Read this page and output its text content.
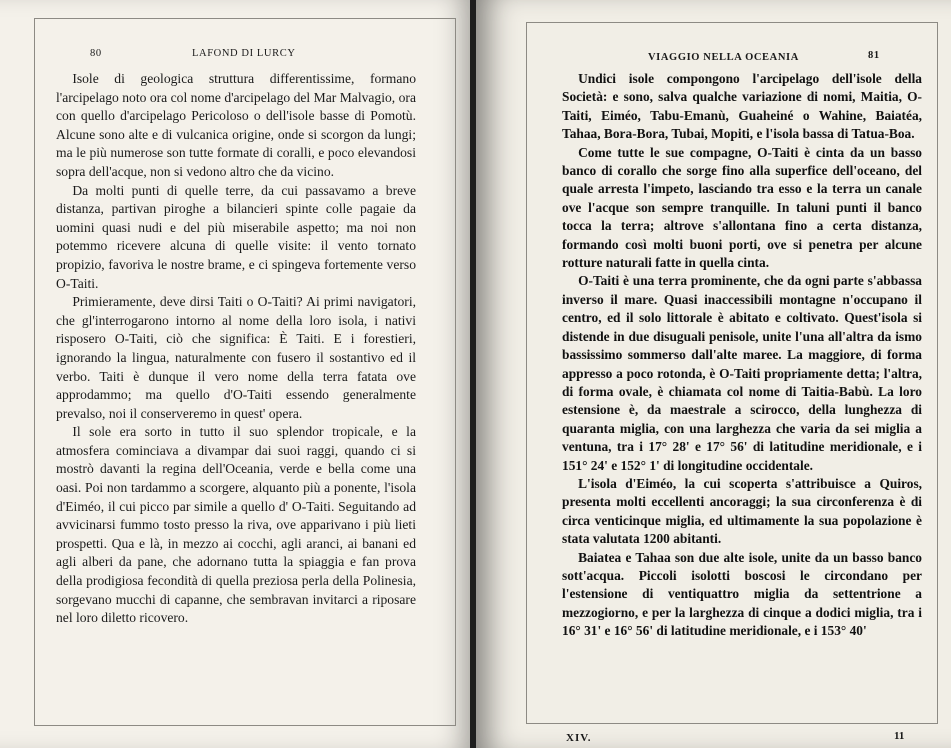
80	LAFOND DI LURCY

Isole di geologica struttura differentissime, formano l'arcipelago noto ora col nome d'arcipelago del Mar Malvagio, ora con quello d'arcipelago Pericoloso o dell'isole basse di Pomotù. Alcune sono alte e di vulcanica origine, onde si scorgon da lungi; ma le più numerose son tutte formate di coralli, e poco elevandosi sopra dell'acque, non si vedono altro che da vicino.

Da molti punti di quelle terre, da cui passavamo a breve distanza, partivan piroghe a bilancieri spinte colle pagaie da uomini quasi nudi e del più miserabile aspetto; ma noi non potemmo ricevere alcuna di quelle visite: il vento tornato propizio, favoriva le nostre brame, e ci spingeva fortemente verso O-Taiti.

Primieramente, deve dirsi Taiti o O-Taiti? Ai primi navigatori, che gl'interrogarono intorno al nome della loro isola, i nativi risposero O-Taiti, ciò che significa: È Taiti. E i forestieri, ignorando la lingua, naturalmente con fusero il sostantivo ed il verbo. Taiti è dunque il vero nome della terra fatata ove approdammo; ma quello d'O-Taiti essendo generalmente prevalso, noi il conserveremo in quest' opera.

Il sole era sorto in tutto il suo splendor tropicale, e la atmosfera cominciava a divampar dai suoi raggi, quando ci si mostrò davanti la regina dell'Oceania, verde e bella come una oasi. Poi non tardammo a scorgere, alquanto più a ponente, l'isola d'Eiméo, il cui picco par simile a quello d' O-Taiti. Seguitando ad avvicinarsi fummo tosto presso la riva, ove apparivano i più lieti prospetti. Qua e là, in mezzo ai cocchi, agli aranci, ai banani ed agli alberi da pane, che adornano tutta la spiaggia e fan prova della prodigiosa fecondità di quella preziosa perla della Polinesia, sorgevano mucchi di capanne, che sembravan invitarci a riposare nel loro diletto ricovero.

VIAGGIO NELLA OCEANIA	81

Undici isole compongono l'arcipelago dell'isole della Società: e sono, salva qualche variazione di nomi, Maitia, O-Taiti, Eiméo, Tabu-Emanù, Guaheiné o Wahine, Baiatéa, Tahaa, Bora-Bora, Tubai, Mopiti, e l'isola bassa di Tatua-Boa.

Come tutte le sue compagne, O-Taiti è cinta da un basso banco di corallo che sorge fino alla superfice dell'oceano, del quale arresta l'impeto, lasciando tra esso e la terra un canale ove l'acque son sempre tranquille. In taluni punti il banco tocca la terra; altrove s'allontana fino a certa distanza, formando così molti buoni porti, ove si penetra per alcune rotture naturali fatte in quella cinta.

O-Taiti è una terra prominente, che da ogni parte s'abbassa inverso il mare. Quasi inaccessibili montagne n'occupano il centro, ed il solo littorale è abitato e coltivato. Quest'isola si distende in due disuguali penisole, unite l'una all'altra da ismo bassissimo sommerso dall'alte maree. La maggiore, di forma appresso a poco rotonda, è O-Taiti propriamente detta; l'altra, di forma ovale, è chiamata col nome di Taitia-Babù. La loro estensione è, da maestrale a scirocco, della lunghezza di quaranta miglia, con una larghezza che varia da sei miglia a ventuna, tra i 17° 28' e 17° 56' di latitudine meridionale, e i 151° 24' e 152° 1' di longitudine occidentale.

L'isola d'Eiméo, la cui scoperta s'attribuisce a Quiros, presenta molti eccellenti ancoraggi; la sua circonferenza è di circa venticinque miglia, ed ultimamente la sua popolazione è stata valutata 1200 abitanti.

Baiatea e Tahaa son due alte isole, unite da un basso banco sott'acqua. Piccoli isolotti boscosi le circondano per l'estensione di ventiquattro miglia da settentrione a mezzogiorno, e per la larghezza di cinque a dodici miglia, tra i 16° 31' e 16° 56' di latitudine meridionale, e i 153° 40'

XIV.	11
